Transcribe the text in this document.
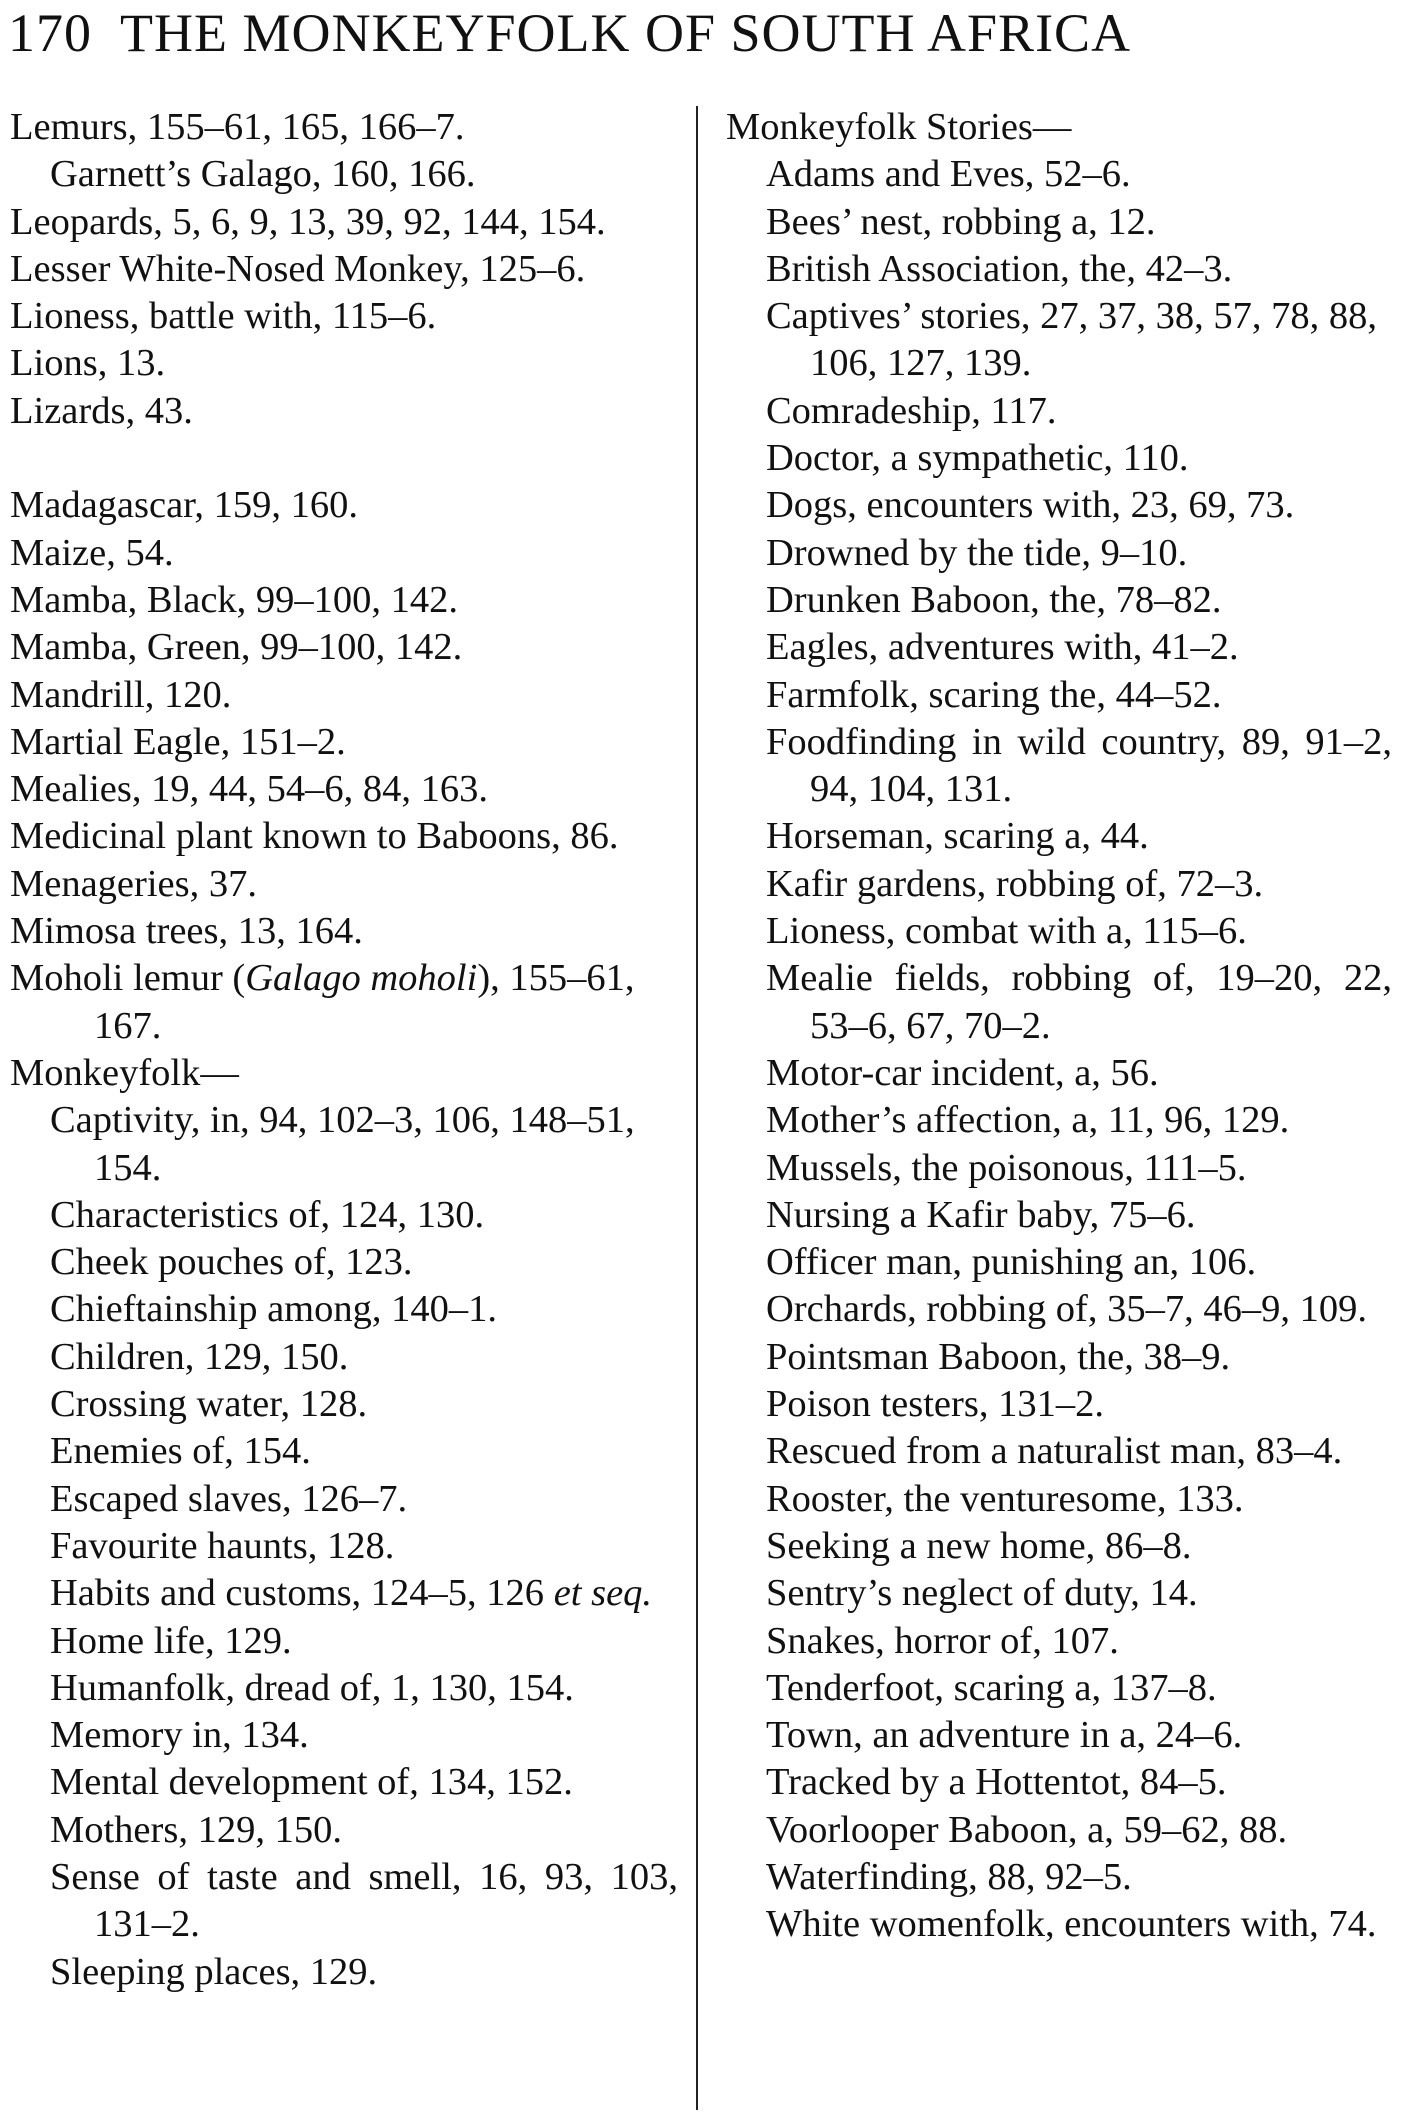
170 THE MONKEYFOLK OF SOUTH AFRICA
Lemurs, 155–61, 165, 166–7.
Garnett’s Galago, 160, 166.
Leopards, 5, 6, 9, 13, 39, 92, 144, 154.
Lesser White-Nosed Monkey, 125–6.
Lioness, battle with, 115–6.
Lions, 13.
Lizards, 43.
Madagascar, 159, 160.
Maize, 54.
Mamba, Black, 99–100, 142.
Mamba, Green, 99–100, 142.
Mandrill, 120.
Martial Eagle, 151–2.
Mealies, 19, 44, 54–6, 84, 163.
Medicinal plant known to Baboons, 86.
Menageries, 37.
Mimosa trees, 13, 164.
Moholi lemur (Galago moholi), 155–61, 167.
Monkeyfolk—
Captivity, in, 94, 102–3, 106, 148–51, 154.
Characteristics of, 124, 130.
Cheek pouches of, 123.
Chieftainship among, 140–1.
Children, 129, 150.
Crossing water, 128.
Enemies of, 154.
Escaped slaves, 126–7.
Favourite haunts, 128.
Habits and customs, 124–5, 126 et seq.
Home life, 129.
Humanfolk, dread of, 1, 130, 154.
Memory in, 134.
Mental development of, 134, 152.
Mothers, 129, 150.
Sense of taste and smell, 16, 93, 103, 131–2.
Sleeping places, 129.
Monkeyfolk Stories—
Adams and Eves, 52–6.
Bees’ nest, robbing a, 12.
British Association, the, 42–3.
Captives’ stories, 27, 37, 38, 57, 78, 88, 106, 127, 139.
Comradeship, 117.
Doctor, a sympathetic, 110.
Dogs, encounters with, 23, 69, 73.
Drowned by the tide, 9–10.
Drunken Baboon, the, 78–82.
Eagles, adventures with, 41–2.
Farmfolk, scaring the, 44–52.
Foodfinding in wild country, 89, 91–2, 94, 104, 131.
Horseman, scaring a, 44.
Kafir gardens, robbing of, 72–3.
Lioness, combat with a, 115–6.
Mealie fields, robbing of, 19–20, 22, 53–6, 67, 70–2.
Motor-car incident, a, 56.
Mother’s affection, a, 11, 96, 129.
Mussels, the poisonous, 111–5.
Nursing a Kafir baby, 75–6.
Officer man, punishing an, 106.
Orchards, robbing of, 35–7, 46–9, 109.
Pointsman Baboon, the, 38–9.
Poison testers, 131–2.
Rescued from a naturalist man, 83–4.
Rooster, the venturesome, 133.
Seeking a new home, 86–8.
Sentry’s neglect of duty, 14.
Snakes, horror of, 107.
Tenderfoot, scaring a, 137–8.
Town, an adventure in a, 24–6.
Tracked by a Hottentot, 84–5.
Voorlooper Baboon, a, 59–62, 88.
Waterfinding, 88, 92–5.
White womenfolk, encounters with, 74.
